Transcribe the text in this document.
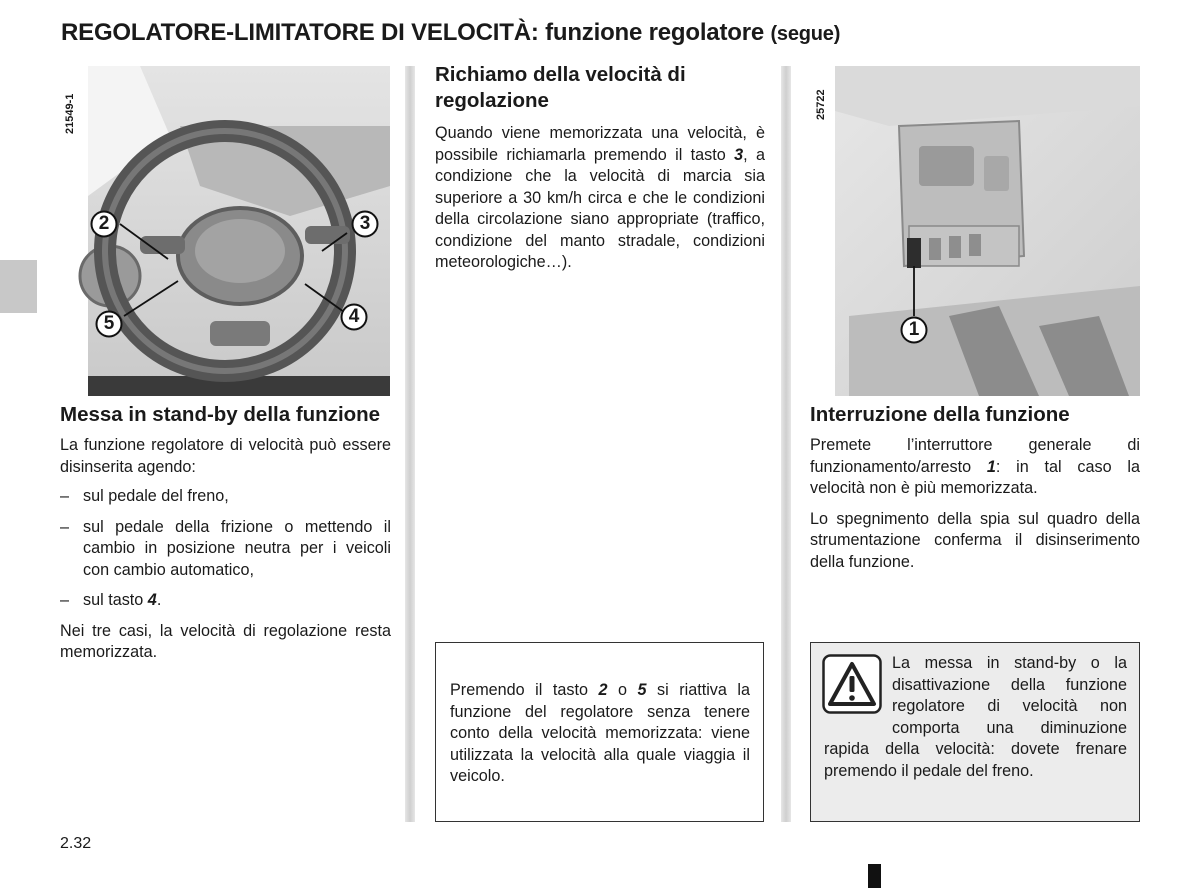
REGOLATORE-LIMITATORE DI VELOCITÀ: funzione regolatore (segue)
21549-1
2	3
5	4
25722
1
Messa in stand-by della funzione

La funzione regolatore di velocità può essere disinserita agendo:

– sul pedale del freno,
– sul pedale della frizione o mettendo il cambio in posizione neutra per i veicoli con cambio automatico,
– sul tasto 4.

Nei tre casi, la velocità di regolazione resta memorizzata.

Richiamo della velocità di regolazione

Quando viene memorizzata una velocità, è possibile richiamarla premendo il tasto 3, a condizione che la velocità di marcia sia superiore a 30 km/h circa e che le condizioni della circolazione siano appropriate (traffico, condizione del manto stradale, condizioni meteorologiche…).

Premendo il tasto 2 o 5 si riattiva la funzione del regolatore senza tenere conto della velocità memorizzata: viene utilizzata la velocità alla quale viaggia il veicolo.

Interruzione della funzione

Premete l’interruttore generale di funzionamento/arresto 1: in tal caso la velocità non è più memorizzata.

Lo spegnimento della spia sul quadro della strumentazione conferma il disinserimento della funzione.

La messa in stand-by o la disattivazione della funzione regolatore di velocità non comporta una diminuzione rapida della velocità: dovete frenare premendo il pedale del freno.

2.32
